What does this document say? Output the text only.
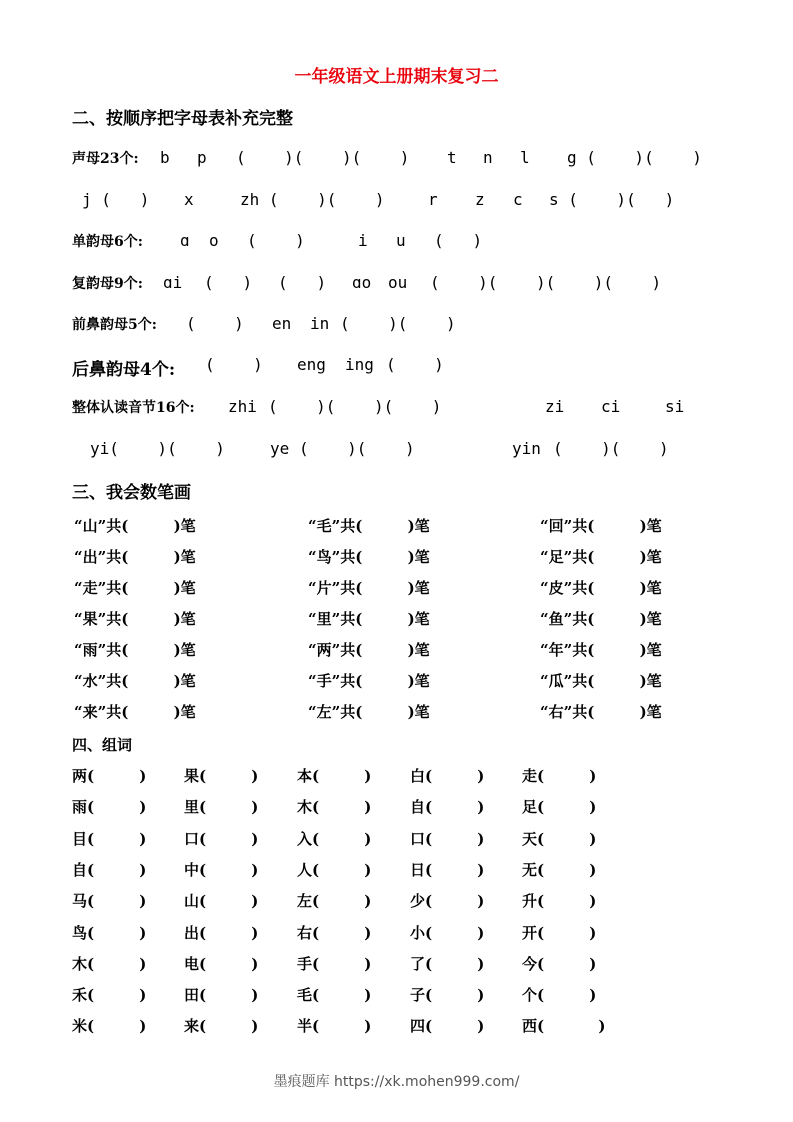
一年级语文上册期末复习二
二、按顺序把字母表补充完整
声母23个: b p (    )(    )(    ) t n l g (    )(    )
j (   ) x	zh (    )(    )	r z c s (    )(   )
单韵母6个: ɑ o (    )	i u (   )
复韵母9个: ɑi (   ) (   ) ɑo ou (    )(    )(    )(    )
前鼻韵母5个: (    ) en in (    )(    )
后鼻韵母4个: (    ) eng ing (    )
整体认读音节16个: zhi (    )(    )(    )	zi ci	si
yi(    )(    )	ye (    )(    )	yin (    )(    )
三、我会数笔画
“山”共(	)笔	“毛”共(	)笔	“回”共(	)笔
“出”共(	)笔	“鸟”共(	)笔	“足”共(	)笔
“走”共(	)笔	“片”共(	)笔	“皮”共(	)笔
“果”共(	)笔	“里”共(	)笔	“鱼”共(	)笔
“雨”共(	)笔	“两”共(	)笔	“年”共(	)笔
“水”共(	)笔	“手”共(	)笔	“瓜”共(	)笔
“来”共(	)笔	“左”共(	)笔	“右”共(	)笔
四、组词
两(	)	果(	)	本(	)	白(	)	走(	)
雨(	)	里(	)	木(	)	自(	)	足(	)
目(	)	口(	)	入(	)	口(	)	天(	)
自(	)	中(	)	人(	)	日(	)	无(	)
马(	)	山(	)	左(	)	少(	)	升(	)
鸟(	)	出(	)	右(	)	小(	)	开(	)
木(	)	电(	)	手(	)	了(	)	今(	)
禾(	)	田(	)	毛(	)	子(	)	个(	)
米(	)	来(	)	半(	)	四(	)	西(	)
墨痕题库 https://xk.mohen999.com/
